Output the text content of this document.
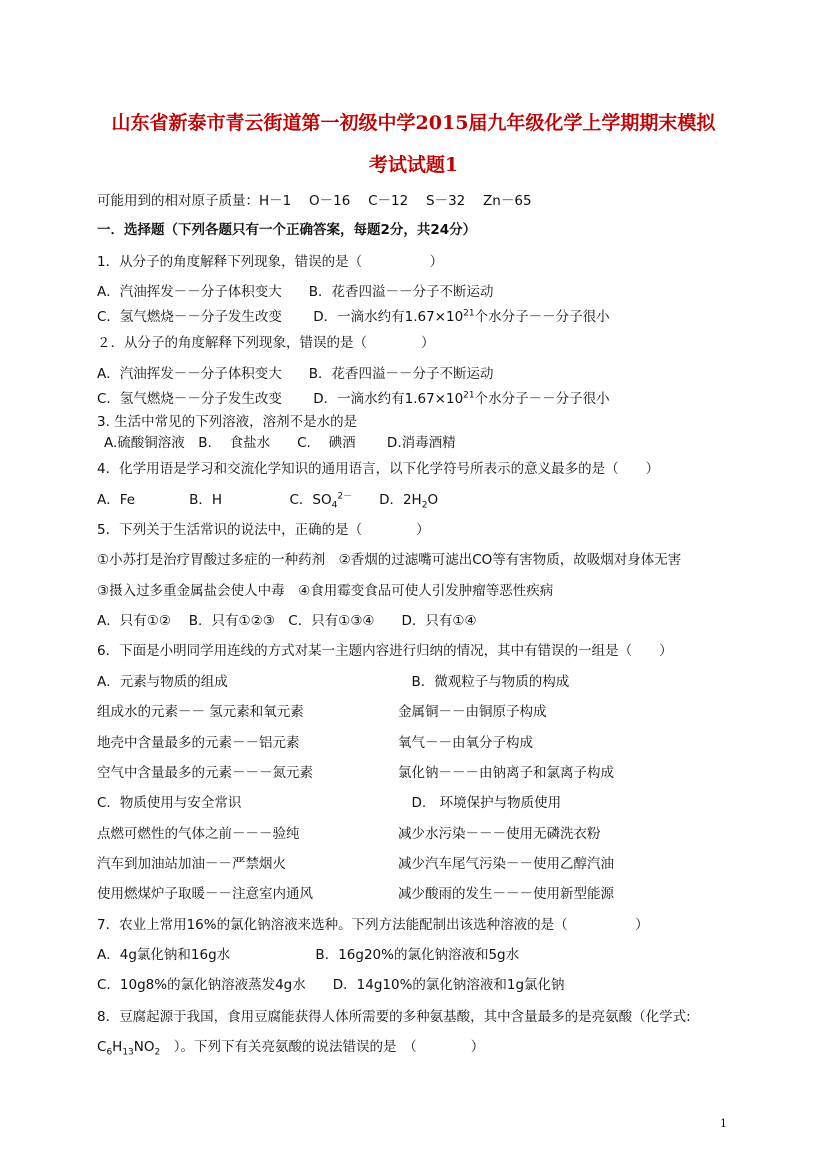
山东省新泰市青云街道第一初级中学2015届九年级化学上学期期末模拟
考试试题1
可能用到的相对原子质量：H－1　 O－16　 C－12　 S－32　 Zn－65
一．选择题（下列各题只有一个正确答案，每题2分，共24分）
1．从分子的角度解释下列现象，错误的是（　　　　　）
A．汽油挥发－－分子体积变大　　B．花香四溢－－分子不断运动
C．氢气燃烧－－分子发生改变　　 D．一滴水约有$1.67\times 10^{21}$个水分子－－分子很小
２．从分子的角度解释下列现象，错误的是（　　　　）
A．汽油挥发－－分子体积变大　　B．花香四溢－－分子不断运动
C．氢气燃烧－－分子发生改变　　 D．一滴水约有$1.67\times 10^{21}$个水分子－－分子很小
3. 生活中常见的下列溶液，溶剂不是水的是
A.硫酸铜溶液　B.　 食盐水　　C.　 碘酒　　 D.消毒酒精
4．化学用语是学习和交流化学知识的通用语言，以下化学符号所表示的意义最多的是（　　）
A．Fe　　　　B．H　　　　　C．$SO_4^{2-}$　　D．$2H_2O$
5．下列关于生活常识的说法中，正确的是（　　　　）
①小苏打是治疗胃酸过多症的一种药剂　②香烟的过滤嘴可滤出CO等有害物质，故吸烟对身体无害
③摄入过多重金属盐会使人中毒　④食用霉变食品可使人引发肿瘤等恶性疾病
A．只有①②　 B．只有①②③　C．只有①③④　　D．只有①④
6．下面是小明同学用连线的方式对某一主题内容进行归纳的情况，其中有错误的一组是（　　）
A．元素与物质的组成	　B．微观粒子与物质的构成
组成水的元素－－ 氢元素和氧元素	金属铜－－由铜原子构成
地壳中含量最多的元素－－铝元素	氧气－－由氧分子构成
空气中含量最多的元素－－－氮元素	氯化钠－－－由钠离子和氯离子构成
C．物质使用与安全常识	　D.　环境保护与物质使用
点燃可燃性的气体之前－－－验纯	减少水污染－－－使用无磷洗衣粉
汽车到加油站加油－－严禁烟火	减少汽车尾气污染－－使用乙醇汽油
使用燃煤炉子取暖－－注意室内通风	减少酸雨的发生－－－使用新型能源
7．农业上常用16%的氯化钠溶液来选种。下列方法能配制出该选种溶液的是（　　　　　）
A．4g氯化钠和16g水　　　　　　 B．16g20%的氯化钠溶液和5g水
C．10g8%的氯化钠溶液蒸发4g水　　D．14g10%的氯化钠溶液和1g氯化钠
8．豆腐起源于我国，食用豆腐能获得人体所需要的多种氨基酸，其中含量最多的是亮氨酸（化学式:
$C_6H_{13}NO_2$　）。下列下有关亮氨酸的说法错误的是　（　　　　）
1
